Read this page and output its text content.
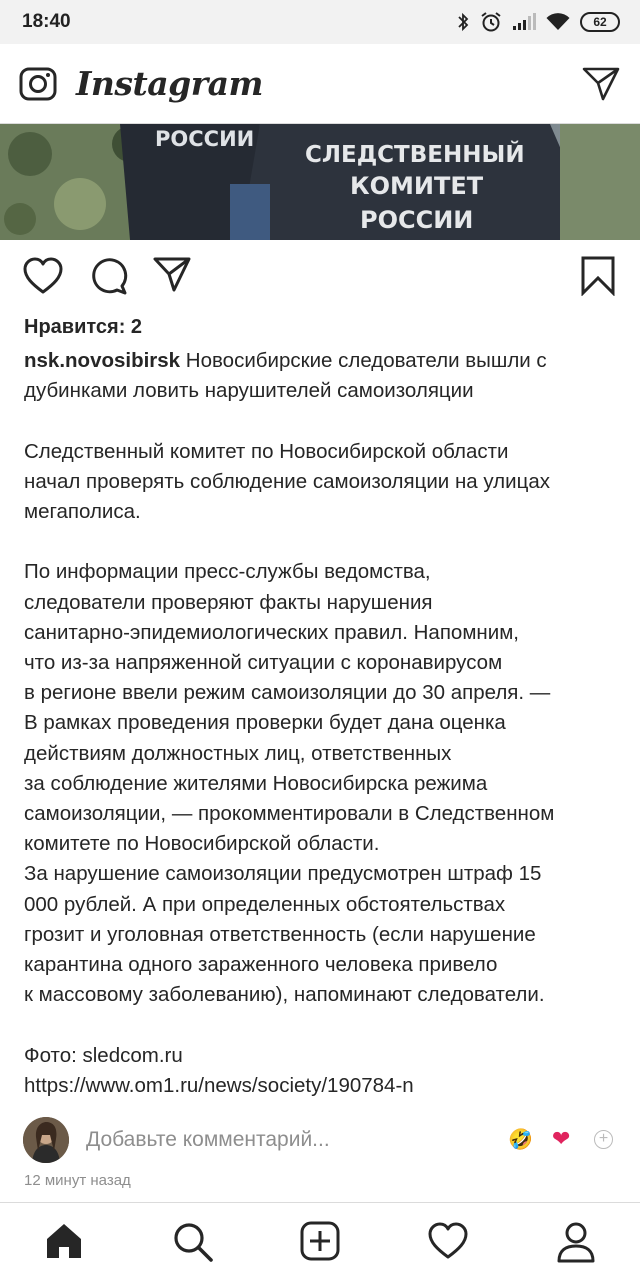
18:40	62
Instagram
РОССИИ
СЛЕДСТВЕННЫЙ
КОМИТЕТ
РОССИИ
Нравится: 2

nsk.novosibirsk Новосибирские следователи вышли с

дубинками ловить нарушителей самоизоляции

Следственный комитет по Новосибирской области

начал проверять соблюдение самоизоляции на улицах

мегаполиса.

По информации пресс-службы ведомства,

следователи проверяют факты нарушения

санитарно-эпидемиологических правил. Напомним,

что из-за напряженной ситуации с коронавирусом

в регионе ввели режим самоизоляции до 30 апреля. —

В рамках проведения проверки будет дана оценка

действиям должностных лиц, ответственных

за соблюдение жителями Новосибирска режима

самоизоляции, — прокомментировали в Следственном

комитете по Новосибирской области.

За нарушение самоизоляции предусмотрен штраф 15

000 рублей. А при определенных обстоятельствах

грозит и уголовная ответственность (если нарушение

карантина одного зараженного человека привело

к массовому заболеванию), напоминают следователи.

Фото: sledcom.ru

https://www.om1.ru/news/society/190784-n

Добавьте комментарий...	🤣 ❤	+
12 минут назад
